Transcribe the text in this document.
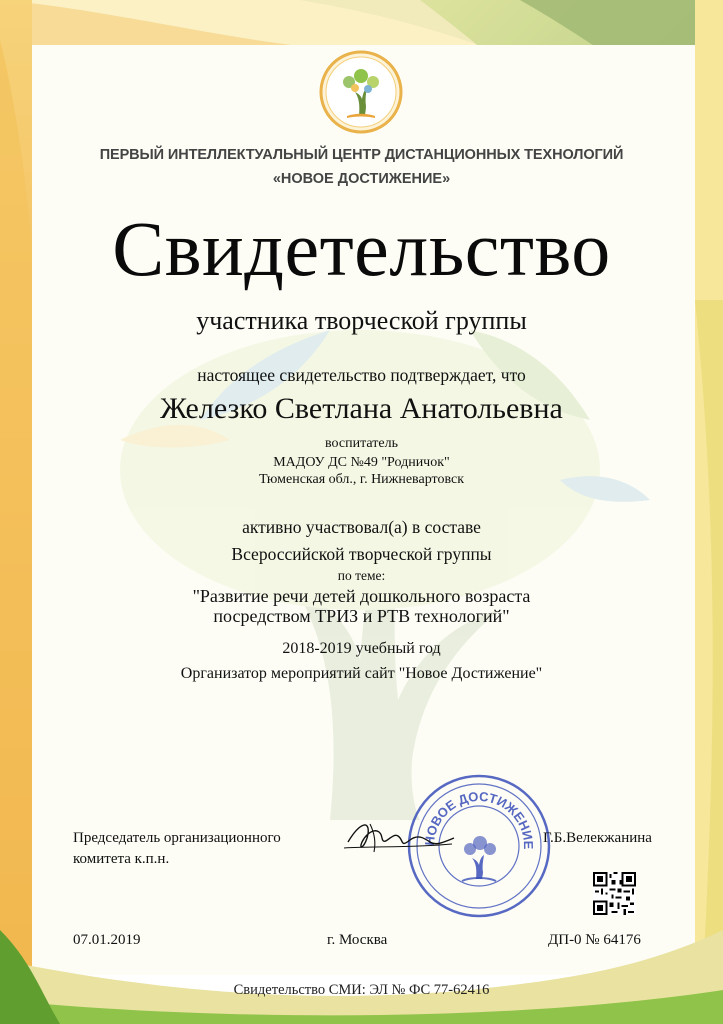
ПЕРВЫЙ ИНТЕЛЛЕКТУАЛЬНЫЙ ЦЕНТР ДИСТАНЦИОННЫХ ТЕХНОЛОГИЙ
«НОВОЕ ДОСТИЖЕНИЕ»
Свидетельство
участника творческой группы
настоящее свидетельство подтверждает, что
Железко Светлана Анатольевна
воспитатель
МАДОУ ДС №49 "Родничок"
Тюменская обл., г. Нижневартовск
активно участвовал(а) в составе
Всероссийской творческой группы
по теме:
"Развитие речи детей дошкольного возраста
посредством ТРИЗ и РТВ технологий"
2018-2019 учебный год
Организатор мероприятий сайт "Новое Достижение"
НОВОЕ ДОСТИЖЕНИЕ
Председатель организационного
комитета к.п.н.
Г.Б.Велекжанина
07.01.2019	г. Москва	ДП-0 № 64176
Свидетельство СМИ: ЭЛ № ФС 77-62416
